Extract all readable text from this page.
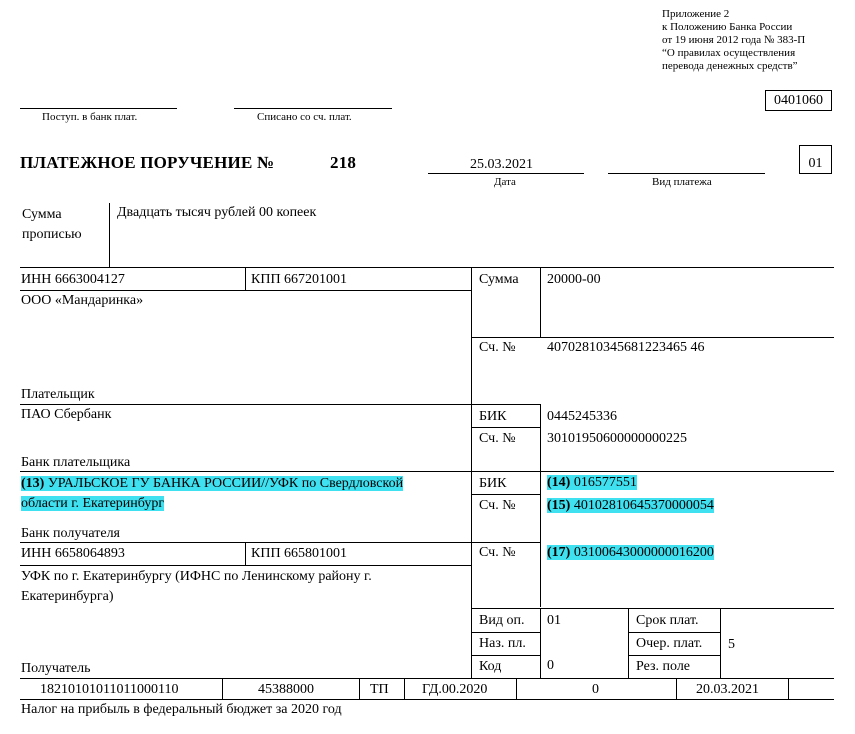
Приложение 2
к Положению Банка России
от 19 июня 2012 года № 383-П
“О правилах осуществления
перевода денежных средств”
0401060
Поступ. в банк плат.	Списано со сч. плат.
ПЛАТЕЖНОЕ ПОРУЧЕНИЕ №	218	25.03.2021
Дата	Вид платежа
01
Сумма
прописью
Двадцать тысяч рублей 00 копеек
ИНН 6663004127	КПП 667201001
ООО «Мандаринка»
Плательщик
Сумма 20000-00
Сч. № 40702810345681223465 46
ПАО Сбербанк
Банк плательщика
БИК	0445245336
Сч. № 30101950600000000225
(13) УРАЛЬСКОЕ ГУ БАНКА РОССИИ//УФК по Свердловской
области г. Екатеринбург
Банк получателя
БИК	(14) 016577551
Сч. № (15) 40102810645370000054
ИНН 6658064893	КПП 665801001
УФК по г. Екатеринбургу (ИФНС по Ленинскому району г.
Екатеринбурга)
Получатель
Сч. № (17) 03100643000000016200
Вид оп. 01
Наз. пл.
Код	0
Срок плат.
Очер. плат. 5
Рез. поле
18210101011011000110	45388000	ТП ГД.00.2020	0	20.03.2021
Налог на прибыль в федеральный бюджет за 2020 год
